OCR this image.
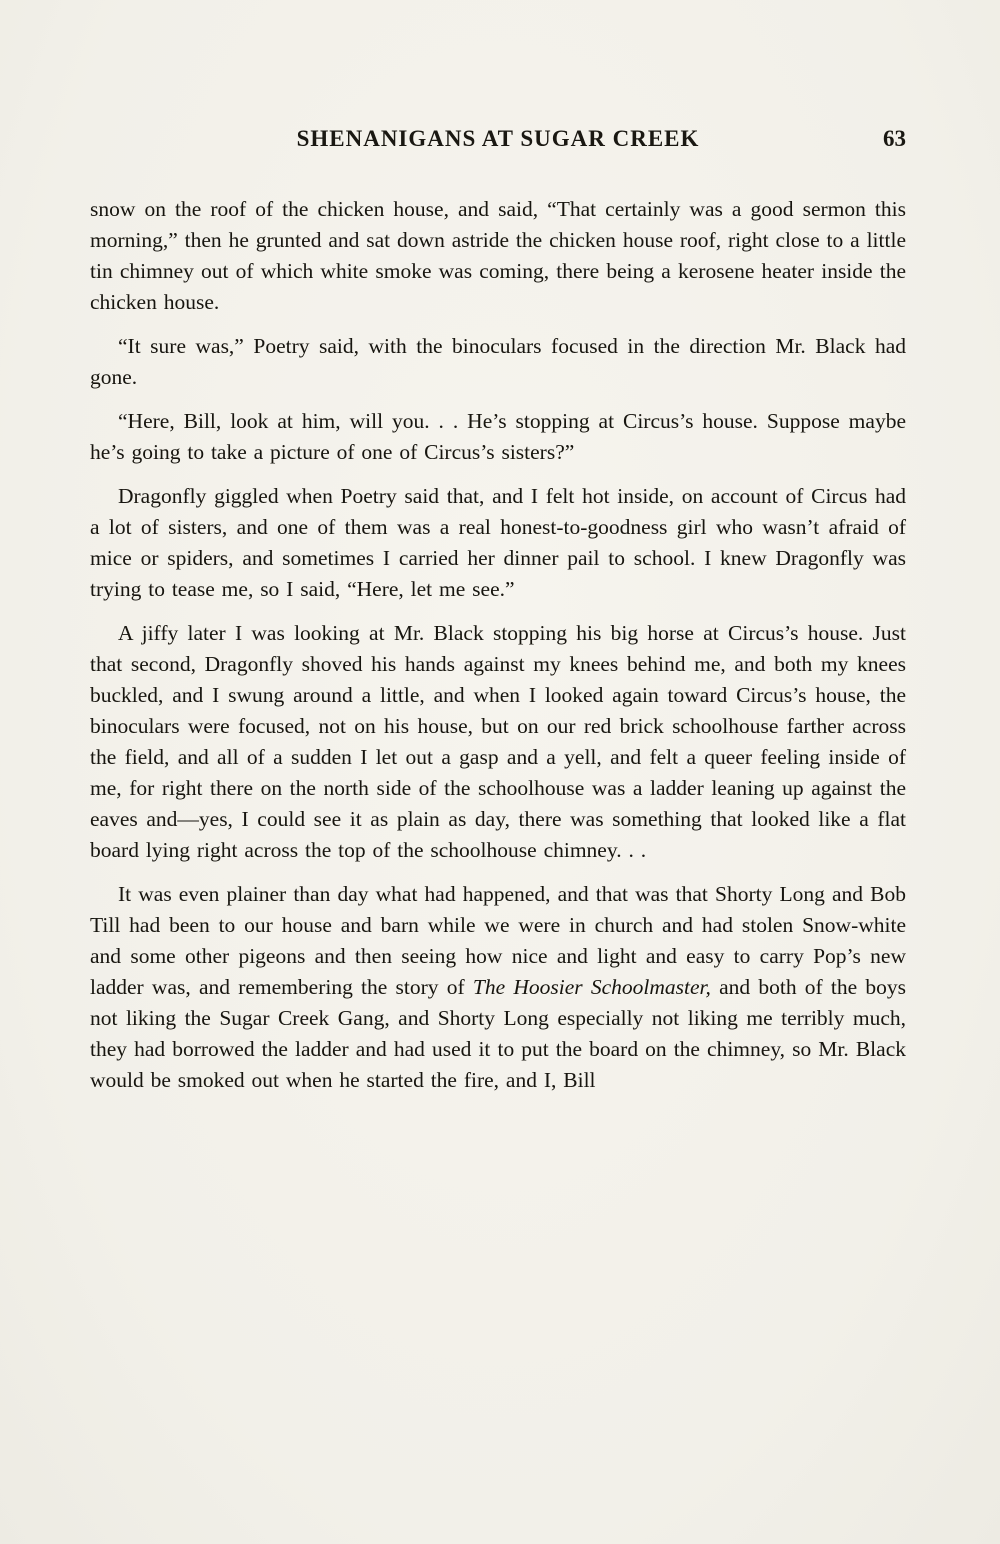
SHENANIGANS AT SUGAR CREEK	63

snow on the roof of the chicken house, and said, “That certainly was a good sermon this morning,” then he grunted and sat down astride the chicken house roof, right close to a little tin chimney out of which white smoke was coming, there being a kerosene heater inside the chicken house.

“It sure was,” Poetry said, with the binoculars focused in the direction Mr. Black had gone.

“Here, Bill, look at him, will you. . . He’s stopping at Circus’s house. Suppose maybe he’s going to take a picture of one of Circus’s sisters?”

Dragonfly giggled when Poetry said that, and I felt hot inside, on account of Circus had a lot of sisters, and one of them was a real honest-to-goodness girl who wasn’t afraid of mice or spiders, and sometimes I carried her dinner pail to school. I knew Dragonfly was trying to tease me, so I said, “Here, let me see.”

A jiffy later I was looking at Mr. Black stopping his big horse at Circus’s house. Just that second, Dragonfly shoved his hands against my knees behind me, and both my knees buckled, and I swung around a little, and when I looked again toward Circus’s house, the binoculars were focused, not on his house, but on our red brick schoolhouse farther across the field, and all of a sudden I let out a gasp and a yell, and felt a queer feeling inside of me, for right there on the north side of the schoolhouse was a ladder leaning up against the eaves and—yes, I could see it as plain as day, there was something that looked like a flat board lying right across the top of the schoolhouse chimney. . .

It was even plainer than day what had happened, and that was that Shorty Long and Bob Till had been to our house and barn while we were in church and had stolen Snow-white and some other pigeons and then seeing how nice and light and easy to carry Pop’s new ladder was, and remembering the story of The Hoosier Schoolmaster, and both of the boys not liking the Sugar Creek Gang, and Shorty Long especially not liking me terribly much, they had borrowed the ladder and had used it to put the board on the chimney, so Mr. Black would be smoked out when he started the fire, and I, Bill
